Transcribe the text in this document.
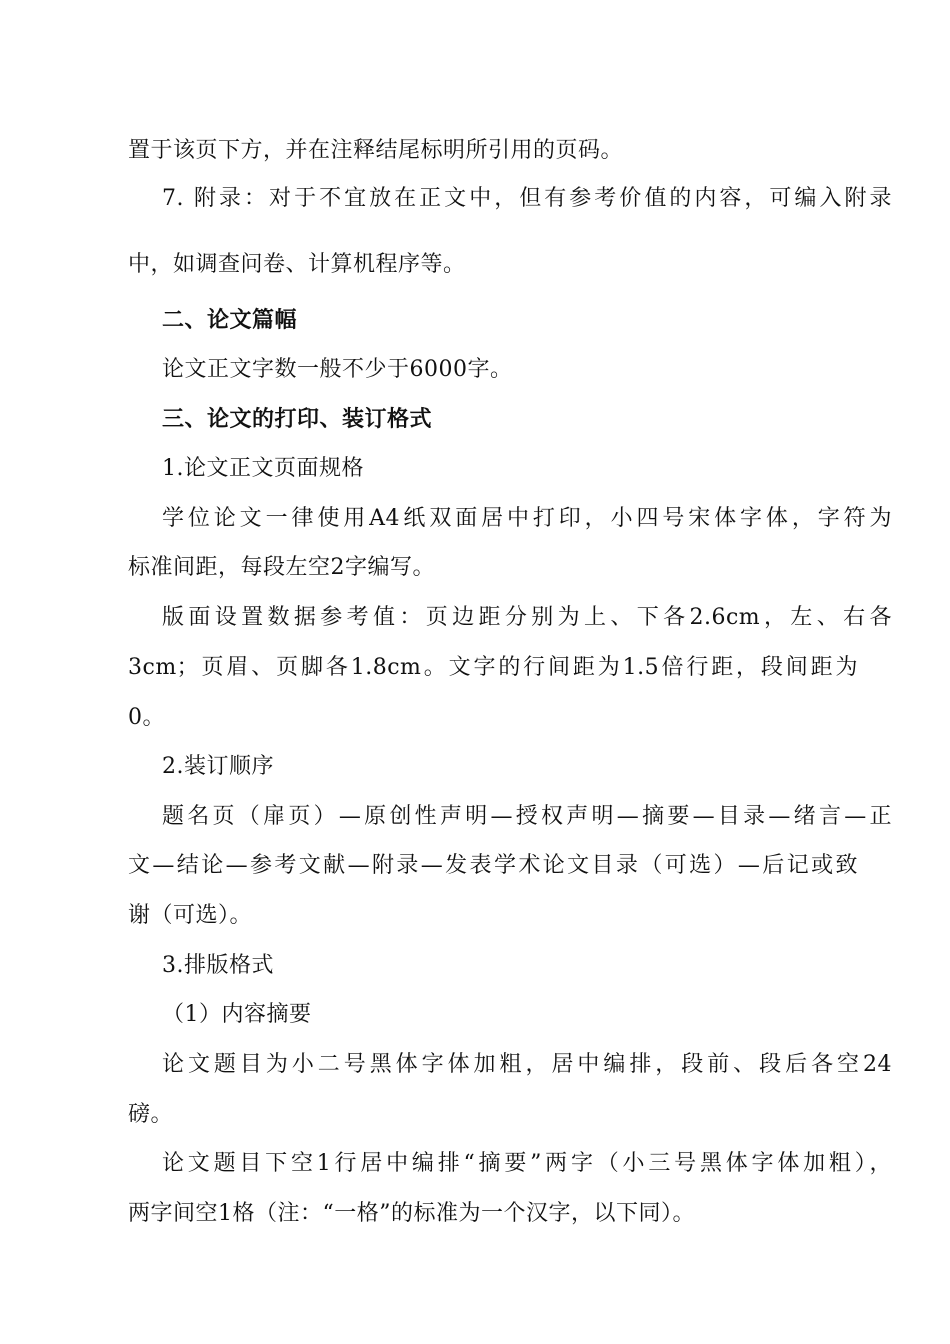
置于该页下方，并在注释结尾标明所引用的页码。
7. 附录：对于不宜放在正文中，但有参考价值的内容，可编入附录
中，如调查问卷、计算机程序等。
二、论文篇幅
论文正文字数一般不少于6000字。
三、论文的打印、装订格式
1.论文正文页面规格
学位论文一律使用A4纸双面居中打印，小四号宋体字体，字符为
标准间距，每段左空2字编写。
版面设置数据参考值：页边距分别为上、下各2.6cm，左、右各
3cm；页眉、页脚各1.8cm。文字的行间距为1.5倍行距，段间距为
0。
2.装订顺序
题名页（扉页）—原创性声明—授权声明—摘要—目录—绪言—正
文—结论—参考文献—附录—发表学术论文目录（可选）—后记或致
谢（可选）。
3.排版格式
（1）内容摘要
论文题目为小二号黑体字体加粗，居中编排，段前、段后各空24
磅。
论文题目下空1行居中编排“摘要”两字（小三号黑体字体加粗），
两字间空1格（注：“一格”的标准为一个汉字，以下同）。
